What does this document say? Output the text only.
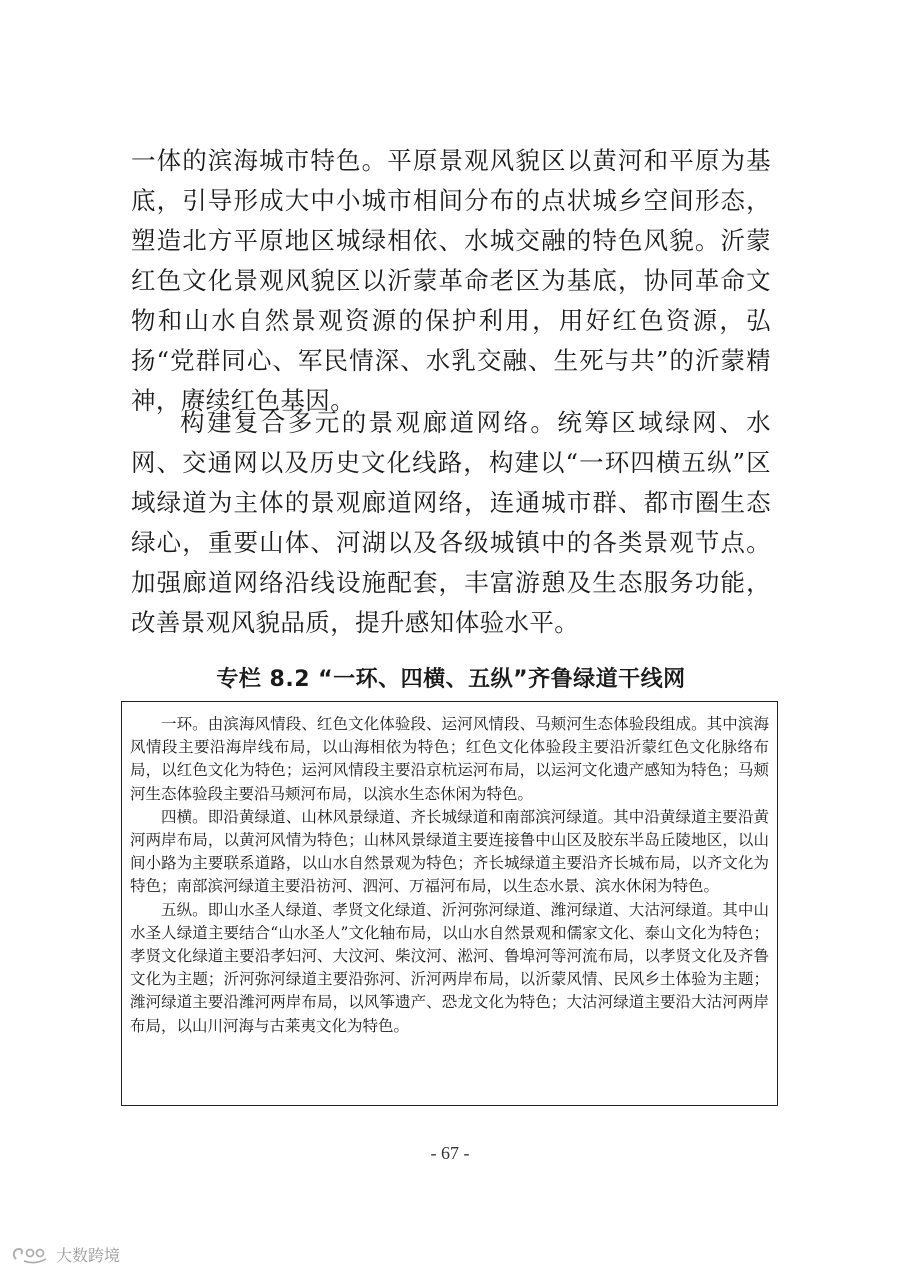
一体的滨海城市特色。平原景观风貌区以黄河和平原为基底，引导形成大中小城市相间分布的点状城乡空间形态，塑造北方平原地区城绿相依、水城交融的特色风貌。沂蒙红色文化景观风貌区以沂蒙革命老区为基底，协同革命文物和山水自然景观资源的保护利用，用好红色资源，弘扬“党群同心、军民情深、水乳交融、生死与共”的沂蒙精神，赓续红色基因。

构建复合多元的景观廊道网络。统筹区域绿网、水网、交通网以及历史文化线路，构建以“一环四横五纵”区域绿道为主体的景观廊道网络，连通城市群、都市圈生态绿心，重要山体、河湖以及各级城镇中的各类景观节点。加强廊道网络沿线设施配套，丰富游憩及生态服务功能，改善景观风貌品质，提升感知体验水平。

专栏 8.2 “一环、四横、五纵”齐鲁绿道干线网

一环。由滨海风情段、红色文化体验段、运河风情段、马颊河生态体验段组成。其中滨海风情段主要沿海岸线布局，以山海相依为特色；红色文化体验段主要沿沂蒙红色文化脉络布局，以红色文化为特色；运河风情段主要沿京杭运河布局，以运河文化遗产感知为特色；马颊河生态体验段主要沿马颊河布局，以滨水生态休闲为特色。

四横。即沿黄绿道、山林风景绿道、齐长城绿道和南部滨河绿道。其中沿黄绿道主要沿黄河两岸布局，以黄河风情为特色；山林风景绿道主要连接鲁中山区及胶东半岛丘陵地区，以山间小路为主要联系道路，以山水自然景观为特色；齐长城绿道主要沿齐长城布局，以齐文化为特色；南部滨河绿道主要沿祊河、泗河、万福河布局，以生态水景、滨水休闲为特色。

五纵。即山水圣人绿道、孝贤文化绿道、沂河弥河绿道、潍河绿道、大沽河绿道。其中山水圣人绿道主要结合“山水圣人”文化轴布局，以山水自然景观和儒家文化、泰山文化为特色；孝贤文化绿道主要沿孝妇河、大汶河、柴汶河、淞河、鲁埠河等河流布局，以孝贤文化及齐鲁文化为主题；沂河弥河绿道主要沿弥河、沂河两岸布局，以沂蒙风情、民风乡土体验为主题；潍河绿道主要沿潍河两岸布局，以风筝遗产、恐龙文化为特色；大沽河绿道主要沿大沽河两岸布局，以山川河海与古莱夷文化为特色。

- 67 -
大数跨境
